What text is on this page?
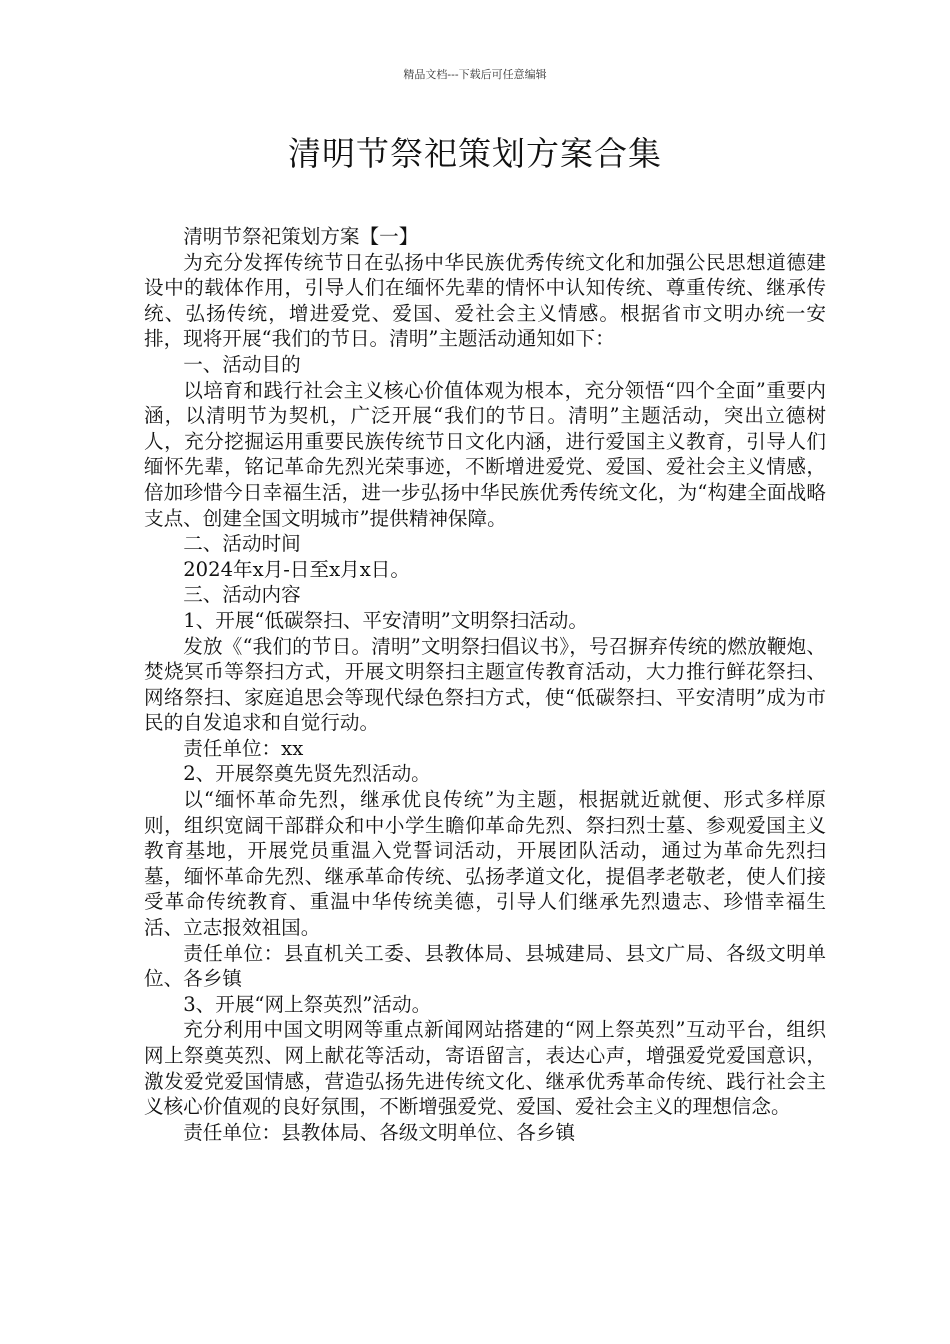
精品文档---下载后可任意编辑
清明节祭祀策划方案合集

清明节祭祀策划方案【一】

为充分发挥传统节日在弘扬中华民族优秀传统文化和加强公民思想道德建设中的载体作用，引导人们在缅怀先辈的情怀中认知传统、尊重传统、继承传统、弘扬传统，增进爱党、爱国、爱社会主义情感。根据省市文明办统一安排，现将开展“我们的节日。清明”主题活动通知如下：

一、活动目的

以培育和践行社会主义核心价值体观为根本，充分领悟“四个全面”重要内涵，以清明节为契机，广泛开展“我们的节日。清明”主题活动，突出立德树人，充分挖掘运用重要民族传统节日文化内涵，进行爱国主义教育，引导人们缅怀先辈，铭记革命先烈光荣事迹，不断增进爱党、爱国、爱社会主义情感，倍加珍惜今日幸福生活，进一步弘扬中华民族优秀传统文化，为“构建全面战略支点、创建全国文明城市”提供精神保障。

二、活动时间

2024年x月-日至x月x日。

三、活动内容

1、开展“低碳祭扫、平安清明”文明祭扫活动。

发放《“我们的节日。清明”文明祭扫倡议书》，号召摒弃传统的燃放鞭炮、焚烧冥币等祭扫方式，开展文明祭扫主题宣传教育活动，大力推行鲜花祭扫、网络祭扫、家庭追思会等现代绿色祭扫方式，使“低碳祭扫、平安清明”成为市民的自发追求和自觉行动。

责任单位：xx

2、开展祭奠先贤先烈活动。

以“缅怀革命先烈，继承优良传统”为主题，根据就近就便、形式多样原则，组织宽阔干部群众和中小学生瞻仰革命先烈、祭扫烈士墓、参观爱国主义教育基地，开展党员重温入党誓词活动，开展团队活动，通过为革命先烈扫墓，缅怀革命先烈、继承革命传统、弘扬孝道文化，提倡孝老敬老，使人们接受革命传统教育、重温中华传统美德，引导人们继承先烈遗志、珍惜幸福生活、立志报效祖国。

责任单位：县直机关工委、县教体局、县城建局、县文广局、各级文明单位、各乡镇

3、开展“网上祭英烈”活动。

充分利用中国文明网等重点新闻网站搭建的“网上祭英烈”互动平台，组织网上祭奠英烈、网上献花等活动，寄语留言，表达心声，增强爱党爱国意识，激发爱党爱国情感，营造弘扬先进传统文化、继承优秀革命传统、践行社会主义核心价值观的良好氛围，不断增强爱党、爱国、爱社会主义的理想信念。

责任单位：县教体局、各级文明单位、各乡镇
